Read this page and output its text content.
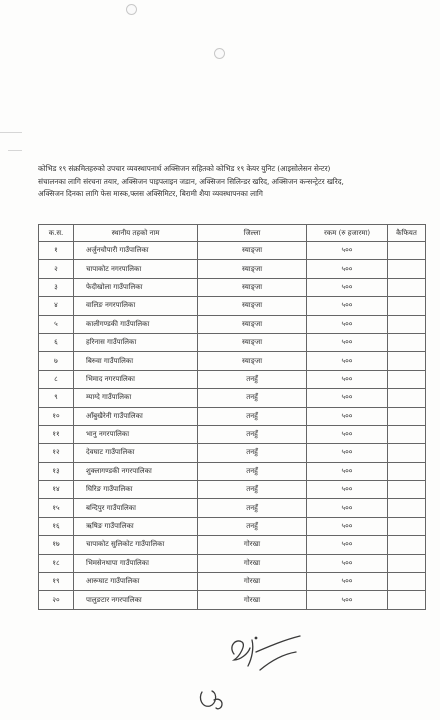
कोभिड १९ संक्रमितहरुको उपचार व्यवस्थापनार्थ अक्सिजन सहितको कोभिड १९ केयर युनिट (आइसोलेसन सेन्टर)
संचालनका लागि संरचना तयार, अक्सिजन पाइपलाइन जडान, अक्सिजन सिलिन्डर खरिद, अक्सिजन कन्सन्ट्रेटर खरिद,
अक्सिजन दिनका लागि फेस मास्क,फ्लस अक्सिमिटर, बिरामी शैया व्यवस्थापनका लागि
क.स.	स्थानीय तहको नाम	जिल्ला	रकम (रु हजारमा)	कैफियत
१	अर्जुनचौपारी गाउँपालिका	स्याङ्जा	५००	
२	चापाकोट नगरपालिका	स्याङ्जा	५००	
३	फेदीखोला गाउँपालिका	स्याङ्जा	५००	
४	वालिङ नगरपालिका	स्याङ्जा	५००	
५	कालीगण्डकी गाउँपालिका	स्याङ्जा	५००	
६	हरिनास गाउँपालिका	स्याङ्जा	५००	
७	बिरुवा गाउँपालिका	स्याङ्जा	५००	
८	भिमाद नगरपालिका	तनहुँ	५००	
९	म्याग्दे गाउँपालिका	तनहुँ	५००	
१०	आँबुखैरेनी गाउँपालिका	तनहुँ	५००	
११	भानु नगरपालिका	तनहुँ	५००	
१२	देवघाट गाउँपालिका	तनहुँ	५००	
१३	शुक्लागण्डकी नगरपालिका	तनहुँ	५००	
१४	घिरिङ गाउँपालिका	तनहुँ	५००	
१५	बन्दिपुर गाउँपालिका	तनहुँ	५००	
१६	ऋषिङ गाउँपालिका	तनहुँ	५००	
१७	चापाकोट सुलिकोट गाउँपालिका	गोरखा	५००	
१८	भिमसेनथापा गाउँपालिका	गोरखा	५००	
१९	आरूघाट गाउँपालिका	गोरखा	५००	
२०	पालुङटार नगरपालिका	गोरखा	५००	
